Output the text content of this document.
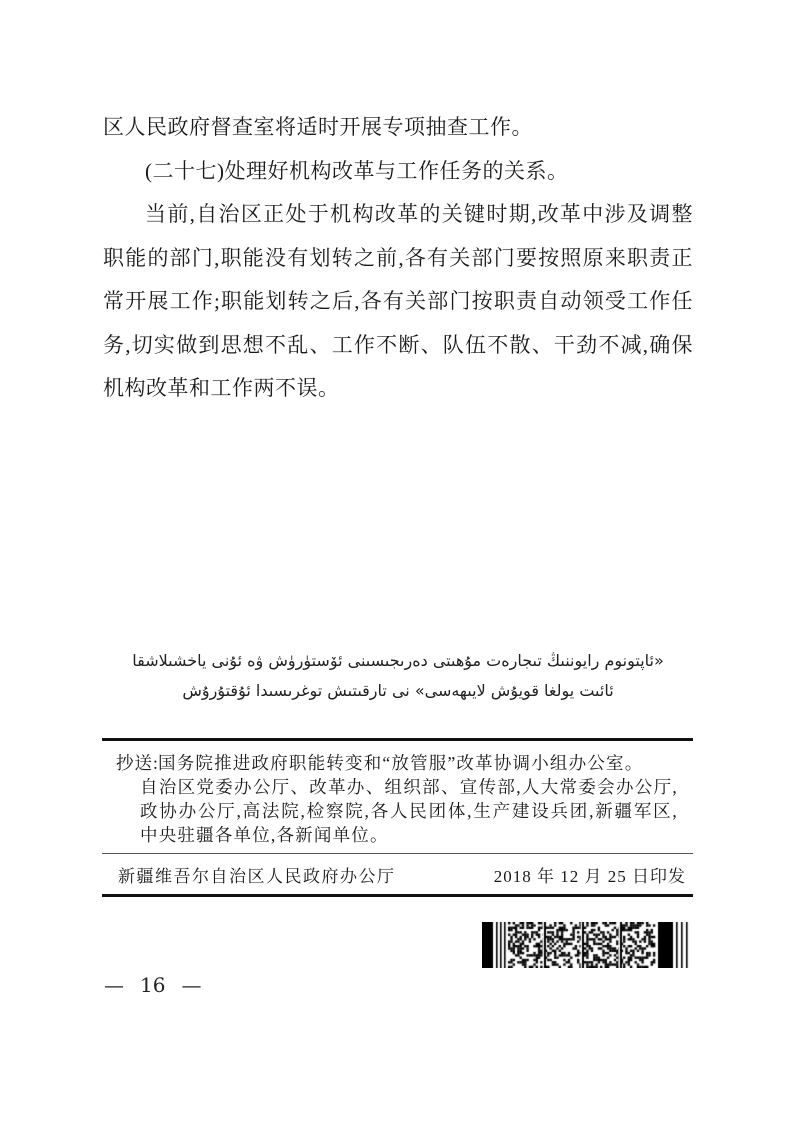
区人民政府督查室将适时开展专项抽查工作。

(二十七)处理好机构改革与工作任务的关系。

当前,自治区正处于机构改革的关键时期,改革中涉及调整职能的部门,职能没有划转之前,各有关部门要按照原来职责正常开展工作;职能划转之后,各有关部门按职责自动领受工作任务,切实做到思想不乱、工作不断、队伍不散、干劲不减,确保机构改革和工作两不误。

«ئاپتونوم رايوننىڭ تىجارەت مۇھىتى دەرىجىسىنى ئۆستۈرۈش ۋە ئۇنى ياخشىلاشقا
ئائىت يولغا قويۇش لايىھەسى» نى تارقىتىش توغرىسىدا ئۇقتۇرۇش
抄送: 国务院推进政府职能转变和“放管服”改革协调小组办公室。

自治区党委办公厅、改革办、组织部、宣传部,人大常委会办公厅,政协办公厅,高法院,检察院,各人民团体,生产建设兵团,新疆军区,中央驻疆各单位,各新闻单位。

新疆维吾尔自治区人民政府办公厅	2018 年 12 月 25 日印发
— 16 —
